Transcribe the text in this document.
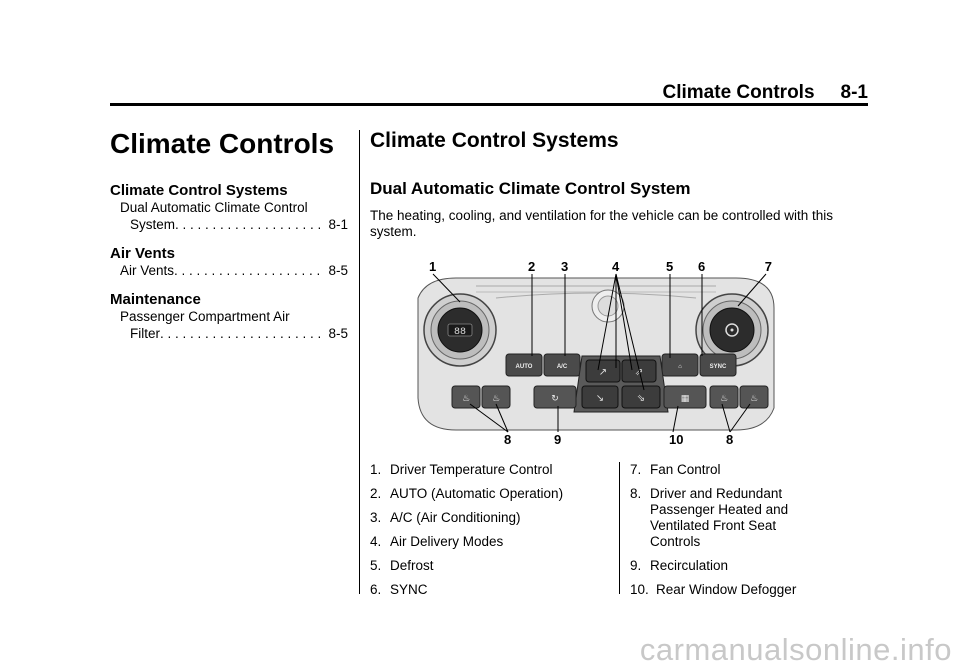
Climate Controls 8-1
Climate Controls
Climate Control Systems
Dual Automatic Climate Control
System . . .	8-1
Air Vents
Air Vents . . .	8-5
Maintenance
Passenger Compartment Air
Filter . . .	8-5
Climate Control Systems
Dual Automatic Climate Control System

The heating, cooling, and ventilation for the vehicle can be controlled with this system.

1	2 3	4	5 6	7
8	9	10	8
88
AUTO	A/C	⌂	SYNC
↗	⇗
↘	⇘
♨ ♨	↻	▦	♨ ♨
1. Driver Temperature Control
2. AUTO (Automatic Operation)
3. A/C (Air Conditioning)
4. Air Delivery Modes
5. Defrost
6. SYNC
7. Fan Control
8. Driver and Redundant Passenger Heated and Ventilated Front Seat Controls
9. Recirculation
10. Rear Window Defogger
carmanualsonline.info
